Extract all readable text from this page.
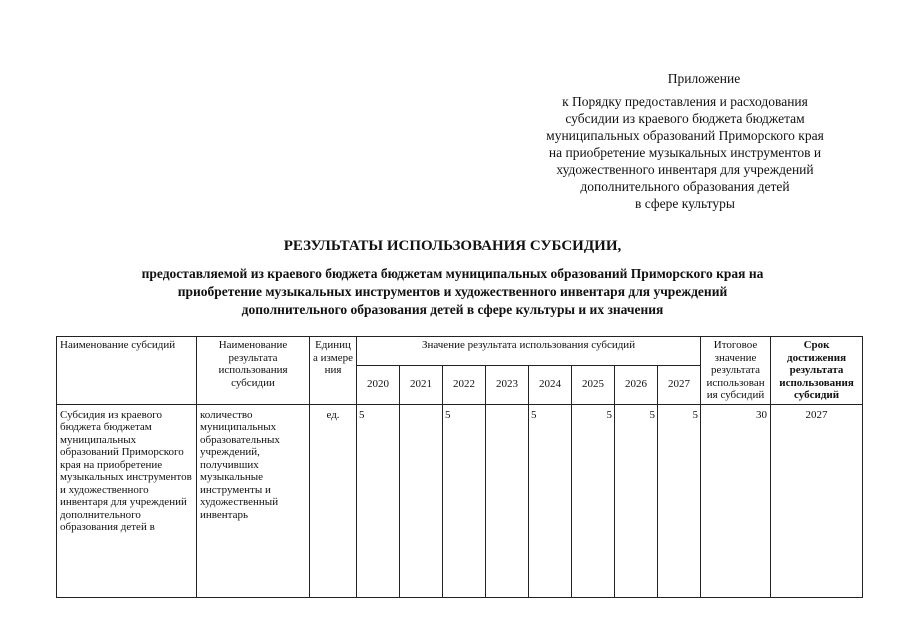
Приложение
к Порядку предоставления и расходования
субсидии из краевого бюджета бюджетам
муниципальных образований Приморского края
на приобретение музыкальных инструментов и
художественного инвентаря для учреждений
дополнительного образования детей
в сфере культуры
РЕЗУЛЬТАТЫ ИСПОЛЬЗОВАНИЯ СУБСИДИИ,
предоставляемой из краевого бюджета бюджетам муниципальных образований Приморского края на
приобретение музыкальных инструментов и художественного инвентаря для учреждений
дополнительного образования детей в сфере культуры и их значения
Наименование субсидий	Наименование результата использования субсидии	Единиц а измере ния	Значение результата использования субсидий								Итоговое значение результата использован ия субсидий	Срок достижения результата использования субсидий
			2020	2021	2022	2023	2024	2025	2026	2027		
Субсидия из краевого бюджета бюджетам муниципальных образований Приморского края на приобретение музыкальных инструментов и художественного инвентаря для учреждений дополнительного образования детей в	количество муниципальных образовательных учреждений, получивших музыкальные инструменты и художественный инвентарь	ед.	5		5		5	5	5	5	30	2027
